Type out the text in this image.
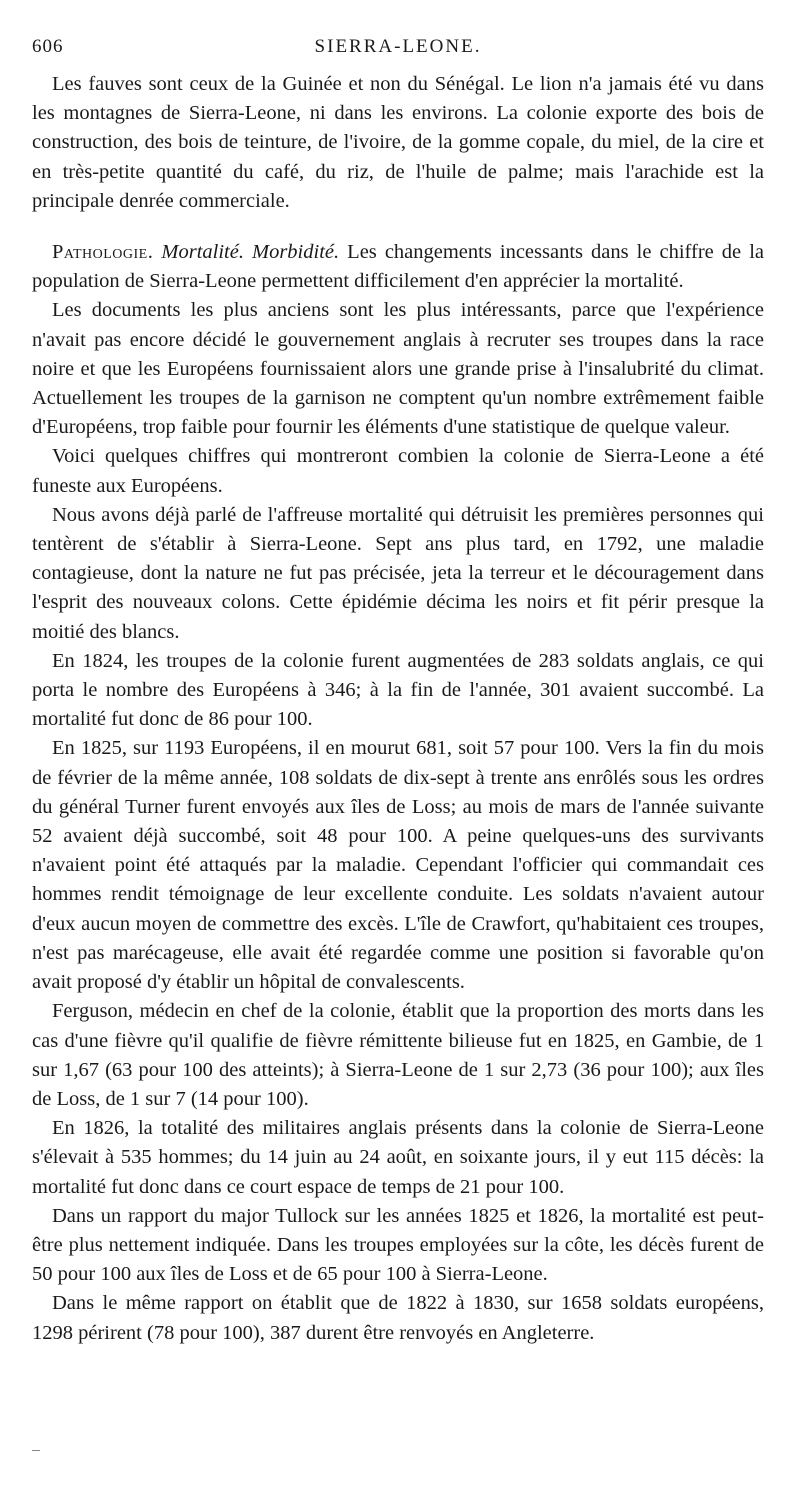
606	SIERRA-LEONE.

Les fauves sont ceux de la Guinée et non du Sénégal. Le lion n'a jamais été vu dans les montagnes de Sierra-Leone, ni dans les environs. La colonie exporte des bois de construction, des bois de teinture, de l'ivoire, de la gomme copale, du miel, de la cire et en très-petite quantité du café, du riz, de l'huile de palme; mais l'arachide est la principale denrée commerciale.

Pathologie. Mortalité. Morbidité. Les changements incessants dans le chiffre de la population de Sierra-Leone permettent difficilement d'en apprécier la mortalité.

Les documents les plus anciens sont les plus intéressants, parce que l'expérience n'avait pas encore décidé le gouvernement anglais à recruter ses troupes dans la race noire et que les Européens fournissaient alors une grande prise à l'insalubrité du climat. Actuellement les troupes de la garnison ne comptent qu'un nombre extrêmement faible d'Européens, trop faible pour fournir les éléments d'une statistique de quelque valeur.

Voici quelques chiffres qui montreront combien la colonie de Sierra-Leone a été funeste aux Européens.

Nous avons déjà parlé de l'affreuse mortalité qui détruisit les premières personnes qui tentèrent de s'établir à Sierra-Leone. Sept ans plus tard, en 1792, une maladie contagieuse, dont la nature ne fut pas précisée, jeta la terreur et le découragement dans l'esprit des nouveaux colons. Cette épidémie décima les noirs et fit périr presque la moitié des blancs.

En 1824, les troupes de la colonie furent augmentées de 283 soldats anglais, ce qui porta le nombre des Européens à 346; à la fin de l'année, 301 avaient succombé. La mortalité fut donc de 86 pour 100.

En 1825, sur 1193 Européens, il en mourut 681, soit 57 pour 100. Vers la fin du mois de février de la même année, 108 soldats de dix-sept à trente ans enrôlés sous les ordres du général Turner furent envoyés aux îles de Loss; au mois de mars de l'année suivante 52 avaient déjà succombé, soit 48 pour 100. A peine quelques-uns des survivants n'avaient point été attaqués par la maladie. Cependant l'officier qui commandait ces hommes rendit témoignage de leur excellente conduite. Les soldats n'avaient autour d'eux aucun moyen de commettre des excès. L'île de Crawfort, qu'habitaient ces troupes, n'est pas marécageuse, elle avait été regardée comme une position si favorable qu'on avait proposé d'y établir un hôpital de convalescents.

Ferguson, médecin en chef de la colonie, établit que la proportion des morts dans les cas d'une fièvre qu'il qualifie de fièvre rémittente bilieuse fut en 1825, en Gambie, de 1 sur 1,67 (63 pour 100 des atteints); à Sierra-Leone de 1 sur 2,73 (36 pour 100); aux îles de Loss, de 1 sur 7 (14 pour 100).

En 1826, la totalité des militaires anglais présents dans la colonie de Sierra-Leone s'élevait à 535 hommes; du 14 juin au 24 août, en soixante jours, il y eut 115 décès: la mortalité fut donc dans ce court espace de temps de 21 pour 100.

Dans un rapport du major Tullock sur les années 1825 et 1826, la mortalité est peut-être plus nettement indiquée. Dans les troupes employées sur la côte, les décès furent de 50 pour 100 aux îles de Loss et de 65 pour 100 à Sierra-Leone.

Dans le même rapport on établit que de 1822 à 1830, sur 1658 soldats européens, 1298 périrent (78 pour 100), 387 durent être renvoyés en Angleterre.
